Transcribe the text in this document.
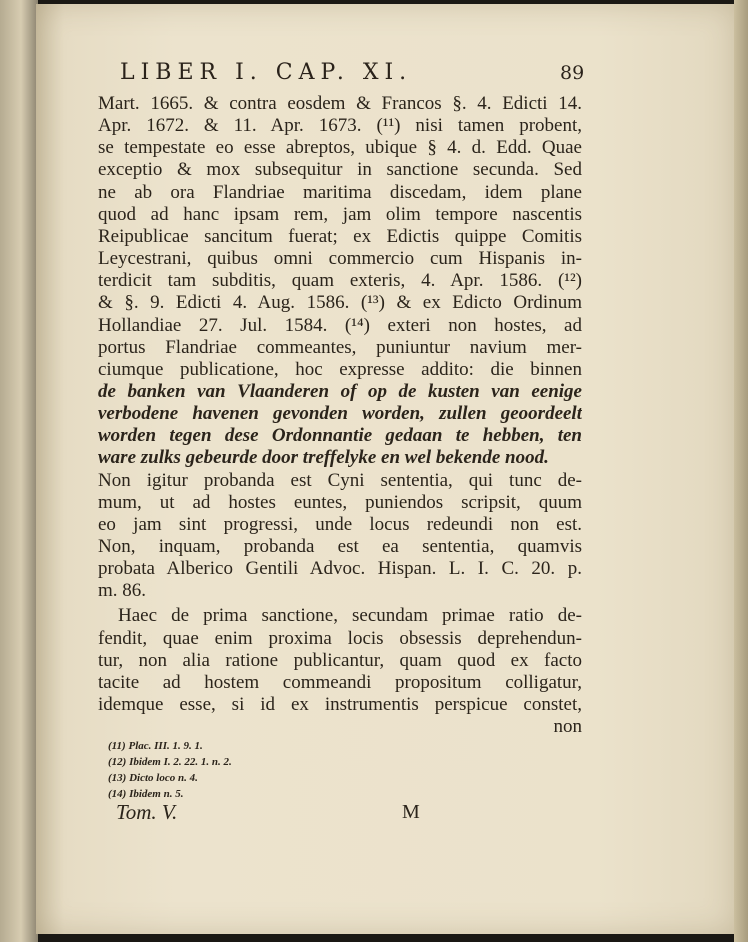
LIBER I. CAP. XI.	89
Mart. 1665. & contra eosdem & Francos §. 4. Edicti 14.
Apr. 1672. & 11. Apr. 1673. (¹¹) nisi tamen probent,
se tempestate eo esse abreptos, ubique § 4. d. Edd. Quae
exceptio & mox subsequitur in sanctione secunda. Sed
ne ab ora Flandriae maritima discedam, idem plane
quod ad hanc ipsam rem, jam olim tempore nascentis
Reipublicae sancitum fuerat; ex Edictis quippe Comitis
Leycestrani, quibus omni commercio cum Hispanis in-
terdicit tam subditis, quam exteris, 4. Apr. 1586. (¹²)
& §. 9. Edicti 4. Aug. 1586. (¹³) & ex Edicto Ordinum
Hollandiae 27. Jul. 1584. (¹⁴) exteri non hostes, ad
portus Flandriae commeantes, puniuntur navium mer-
ciumque publicatione, hoc expresse addito: die binnen
de banken van Vlaanderen of op de kusten van eenige
verbodene havenen gevonden worden, zullen geoordeelt
worden tegen dese Ordonnantie gedaan te hebben, ten
ware zulks gebeurde door treffelyke en wel bekende nood.
Non igitur probanda est Cyni sententia, qui tunc de-
mum, ut ad hostes euntes, puniendos scripsit, quum
eo jam sint progressi, unde locus redeundi non est.
Non, inquam, probanda est ea sententia, quamvis
probata Alberico Gentili Advoc. Hispan. L. I. C. 20. p.
m. 86.
Haec de prima sanctione, secundam primae ratio de-
fendit, quae enim proxima locis obsessis deprehendun-
tur, non alia ratione publicantur, quam quod ex facto
tacite ad hostem commeandi propositum colligatur,
idemque esse, si id ex instrumentis perspicue constet,
non
(11) Plac. III. 1. 9. 1.
(12) Ibidem I. 2. 22. 1. n. 2.
(13) Dicto loco n. 4.
(14) Ibidem n. 5.
Tom. V.	M
